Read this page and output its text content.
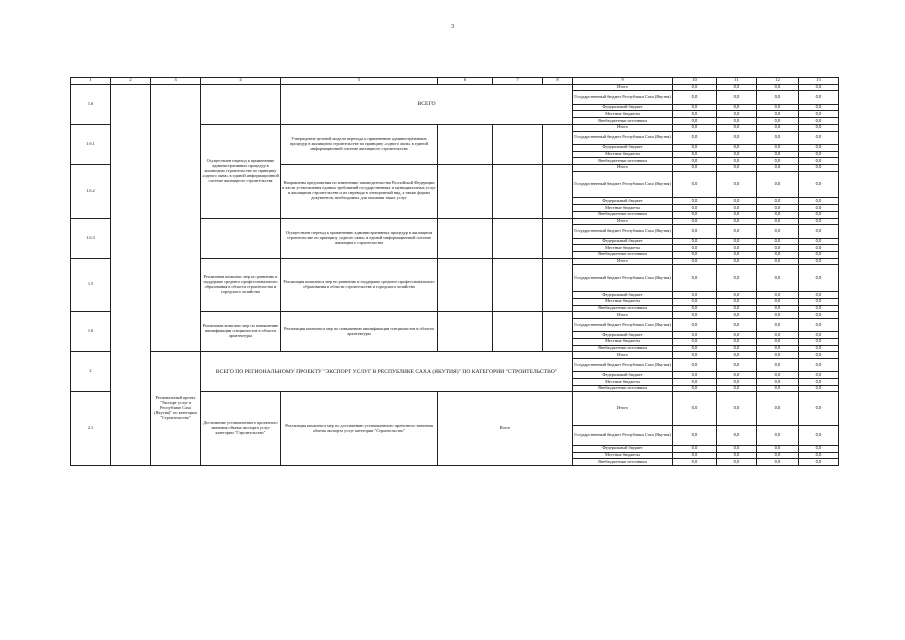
3
1	2	3	4	5	6	7	8	9	10	11	12	13
1.6				ВСЕГО				Итого	0,0	0,0	0,0	0,0
								Государственный бюджет Республики Саха (Якутия)	0,0	0,0	0,0	0,0
								Федеральный бюджет	0,0	0,0	0,0	0,0
								Местные бюджеты	0,0	0,0	0,0	0,0
								Внебюджетные источники	0,0	0,0	0,0	0,0
1.6.1			Осуществлен переход к применению административных процедур в жилищном строительстве по принципу «одного окна» в единой информационной системе жилищного строительства	Утверждение целевой модели перехода к применению административных процедур в жилищном строительстве по принципу «одного окна» в единой информационной системе жилищного строительства				Итого	0,0	0,0	0,0	0,0
								Государственный бюджет Республики Саха (Якутия)	0,0	0,0	0,0	0,0
								Федеральный бюджет	0,0	0,0	0,0	0,0
								Местные бюджеты	0,0	0,0	0,0	0,0
								Внебюджетные источники	0,0	0,0	0,0	0,0
1.6.2				Направлены предложения по изменению законодательства Российской Федерации в части установления единых требований государственных и муниципальных услуг в жилищном строительстве и их перевода в электронный вид, а также формы документов, необходимых для оказания таких услуг				Итого	0,0	0,0	0,0	0,0
								Государственный бюджет Республики Саха (Якутия)	0,0	0,0	0,0	0,0
								Федеральный бюджет	0,0	0,0	0,0	0,0
								Местные бюджеты	0,0	0,0	0,0	0,0
								Внебюджетные источники	0,0	0,0	0,0	0,0
1.6.3				Осуществлен переход к применению административных процедур в жилищном строительстве по принципу «одного окна» в единой информационной системе жилищного строительства				Итого	0,0	0,0	0,0	0,0
								Государственный бюджет Республики Саха (Якутия)	0,0	0,0	0,0	0,0
								Федеральный бюджет	0,0	0,0	0,0	0,0
								Местные бюджеты	0,0	0,0	0,0	0,0
								Внебюджетные источники	0,0	0,0	0,0	0,0
1.5			Реализован комплекс мер по развитию и поддержке среднего профессионального образования в области строительства и городского хозяйства	Реализация комплекса мер по развитию и поддержке среднего профессионального образования в области строительства и городского хозяйства				Итого	0,0	0,0	0,0	0,0
								Государственный бюджет Республики Саха (Якутия)	0,0	0,0	0,0	0,0
								Федеральный бюджет	0,0	0,0	0,0	0,0
								Местные бюджеты	0,0	0,0	0,0	0,0
								Внебюджетные источники	0,0	0,0	0,0	0,0
1.6			Реализован комплекс мер по повышению квалификации специалистов в области архитектуры	Реализация комплекса мер по повышению квалификации специалистов в области архитектуры				Итого	0,0	0,0	0,0	0,0
								Государственный бюджет Республики Саха (Якутия)	0,0	0,0	0,0	0,0
								Федеральный бюджет	0,0	0,0	0,0	0,0
								Местные бюджеты	0,0	0,0	0,0	0,0
								Внебюджетные источники	0,0	0,0	0,0	0,0
2		Региональный проект "Экспорт услуг в Республике Саха (Якутия)" по категории "Строительство"	ВСЕГО ПО РЕГИОНАЛЬНОМУ ПРОЕКТУ "ЭКСПОРТ УСЛУГ В РЕСПУБЛИКЕ САХА (ЯКУТИЯ)" ПО КАТЕГОРИИ "СТРОИТЕЛЬСТВО"					Итого	0,0	0,0	0,0	0,0
								Государственный бюджет Республики Саха (Якутия)	0,0	0,0	0,0	0,0
								Федеральный бюджет	0,0	0,0	0,0	0,0
								Местные бюджеты	0,0	0,0	0,0	0,0
								Внебюджетные источники	0,0	0,0	0,0	0,0
2.1			Достижение установленного проектного значения объема экспорта услуг категории "Строительство"	Реализация комплекса мер по достижению установленного проектного значения объема экспорта услуг категории "Строительство"	Всего			Итого	0,0	0,0	0,0	0,0
								Государственный бюджет Республики Саха (Якутия)	0,0	0,0	0,0	0,0
								Федеральный бюджет	0,0	0,0	0,0	0,0
								Местные бюджеты	0,0	0,0	0,0	0,0
								Внебюджетные источники	0,0	0,0	0,0	0,0
